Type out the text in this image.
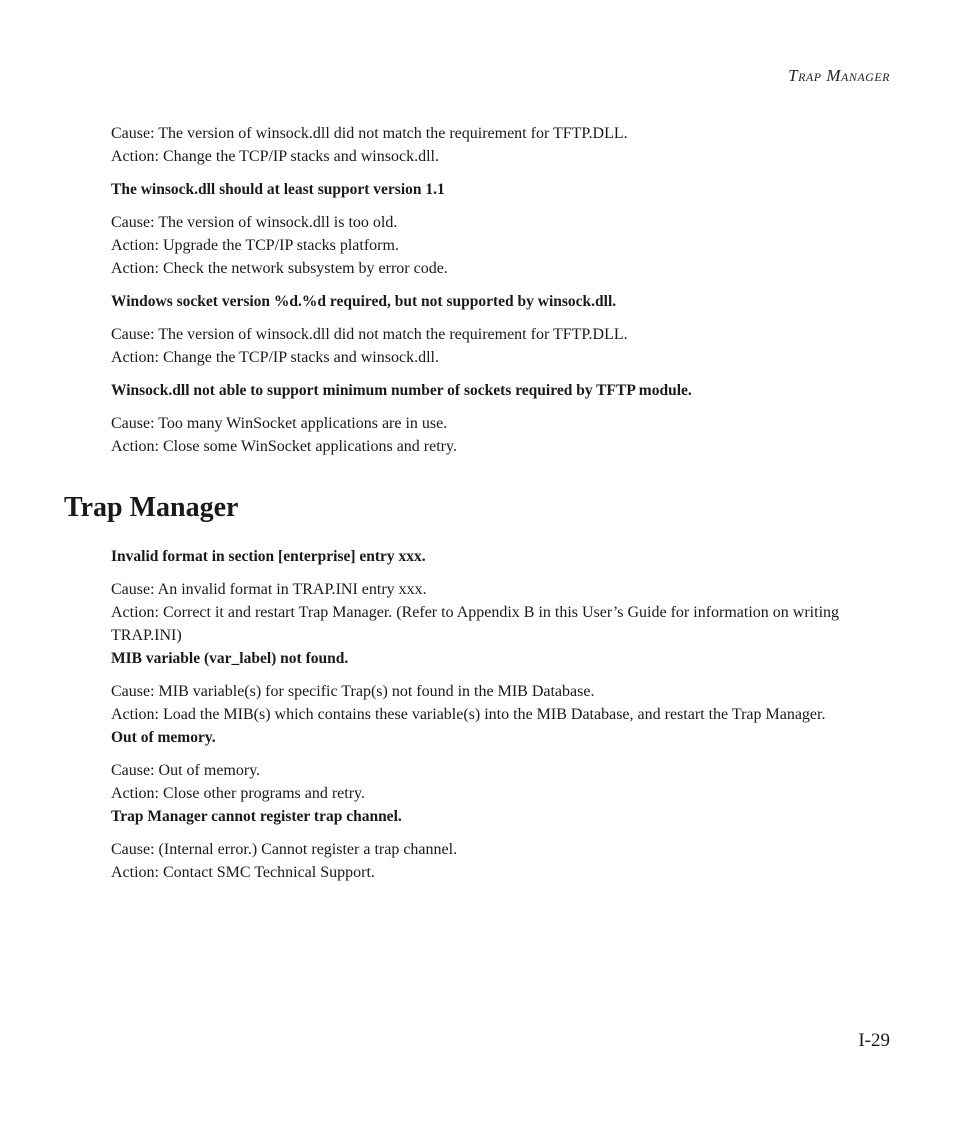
Trap Manager
Cause: The version of winsock.dll did not match the requirement for TFTP.DLL.
Action: Change the TCP/IP stacks and winsock.dll.
The winsock.dll should at least support version 1.1
Cause: The version of winsock.dll is too old.
Action: Upgrade the TCP/IP stacks platform.
Action: Check the network subsystem by error code.
Windows socket version %d.%d required, but not supported by winsock.dll.
Cause: The version of winsock.dll did not match the requirement for TFTP.DLL.
Action: Change the TCP/IP stacks and winsock.dll.
Winsock.dll not able to support minimum number of sockets required by TFTP module.
Cause: Too many WinSocket applications are in use.
Action: Close some WinSocket applications and retry.
Trap Manager
Invalid format in section [enterprise] entry xxx.
Cause: An invalid format in TRAP.INI entry xxx.
Action: Correct it and restart Trap Manager. (Refer to Appendix B in this User’s Guide for information on writing TRAP.INI)
MIB variable (var_label) not found.
Cause: MIB variable(s) for specific Trap(s) not found in the MIB Database.
Action: Load the MIB(s) which contains these variable(s) into the MIB Database, and restart the Trap Manager.
Out of memory.
Cause: Out of memory.
Action: Close other programs and retry.
Trap Manager cannot register trap channel.
Cause: (Internal error.) Cannot register a trap channel.
Action: Contact SMC Technical Support.
I-29
